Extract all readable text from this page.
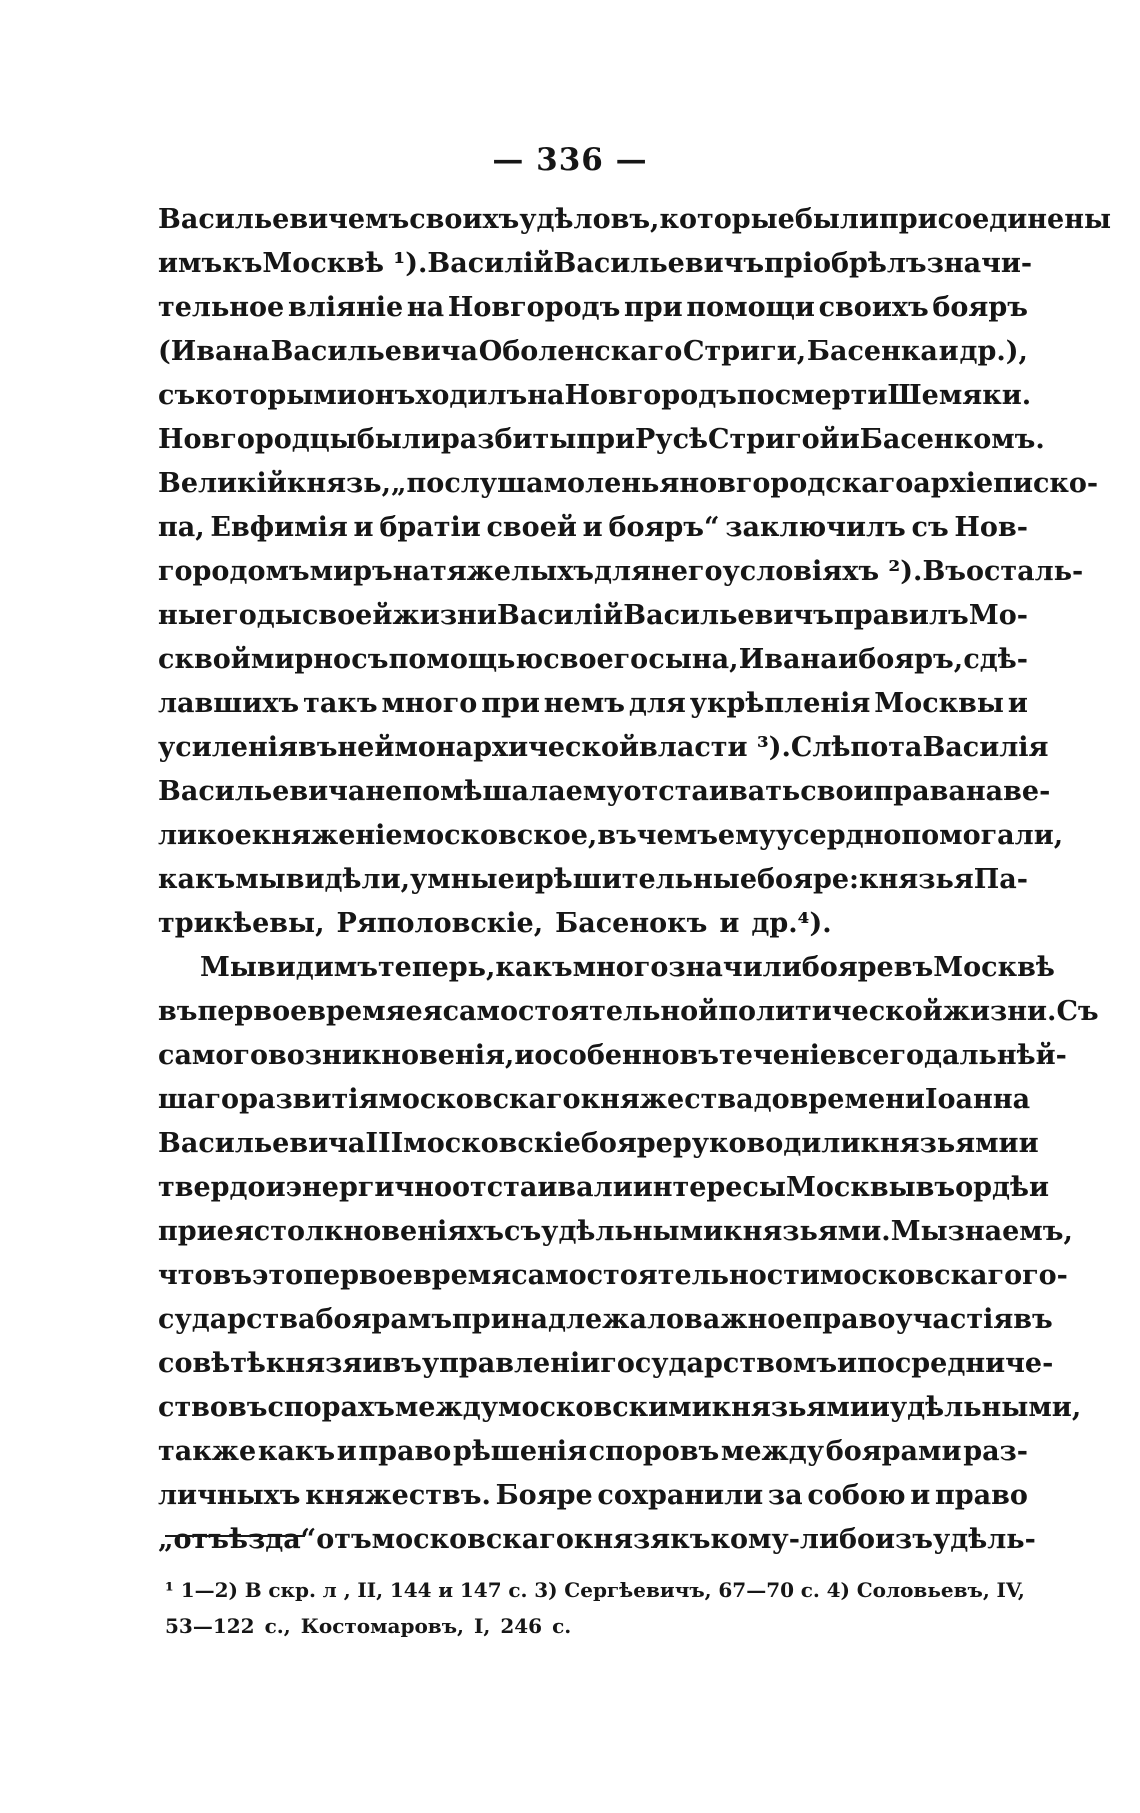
— 336 —
Васильевичемъ своихъ удѣловъ, которые были присоединены
имъ къ Москвѣ ¹). Василій Васильевичъ пріобрѣлъ значи-
тельное вліяніе на Новгородъ при помощи своихъ бояръ
(Ивана Васильевича Оболенскаго Стриги, Басенка и др.),
съ которыми онъ ходилъ на Новгородъ по смерти Шемяки.
Новгородцы были разбиты при Русѣ Стригой и Басенкомъ.
Великій князь, „послуша моленья новгородскаго архіеписко-
па, Евфимія и братіи своей и бояръ“ заключилъ съ Нов-
городомъ миръ на тяжелыхъ для него условіяхъ ²). Въ осталь-
ные годы своей жизни Василій Васильевичъ правилъ Мо-
сквой мирно съ помощью своего сына, Ивана и бояръ, сдѣ-
лавшихъ такъ много при немъ для укрѣпленія Москвы и
усиленія въ ней монархической власти ³). Слѣпота Василія
Васильевича не помѣшала ему отстаивать свои права на ве-
ликое княженіе московское, въ чемъ ему усердно помогали,
какъ мы видѣли, умные и рѣшительные бояре: князья Па-
трикѣевы, Ряполовскіе, Басенокъ и др.⁴).
Мы видимъ теперь, какъ много значили бояре въ Москвѣ
въ первое время ея самостоятельной политической жизни. Съ
самого возникновенія, и особенно въ теченіе всего дальнѣй-
шаго развитія московскаго княжества до времени Іоанна
Васильевича III московскіе бояре руководили князьями и
твердо и энергично отстаивали интересы Москвы въ ордѣ и
при ея столкновеніяхъ съ удѣльными князьями. Мы знаемъ,
что въ это первое время самостоятельности московскаго го-
сударства боярамъ принадлежало важное право участія въ
совѣтѣ князя и въ управленіи государствомъ и посредниче-
ство въ спорахъ между московскими князьями и удѣльными,
также какъ и право рѣшенія споровъ между боярами раз-
личныхъ княжествъ. Бояре сохранили за собою и право
„отъѣзда“ отъ московскаго князя къ кому-либо изъ удѣль-
¹ 1—2) В скр. л , II, 144 и 147 с. 3) Сергѣевичъ, 67—70 с. 4) Соловьевъ, IV,
53—122 с., Костомаровъ, I, 246 с.
